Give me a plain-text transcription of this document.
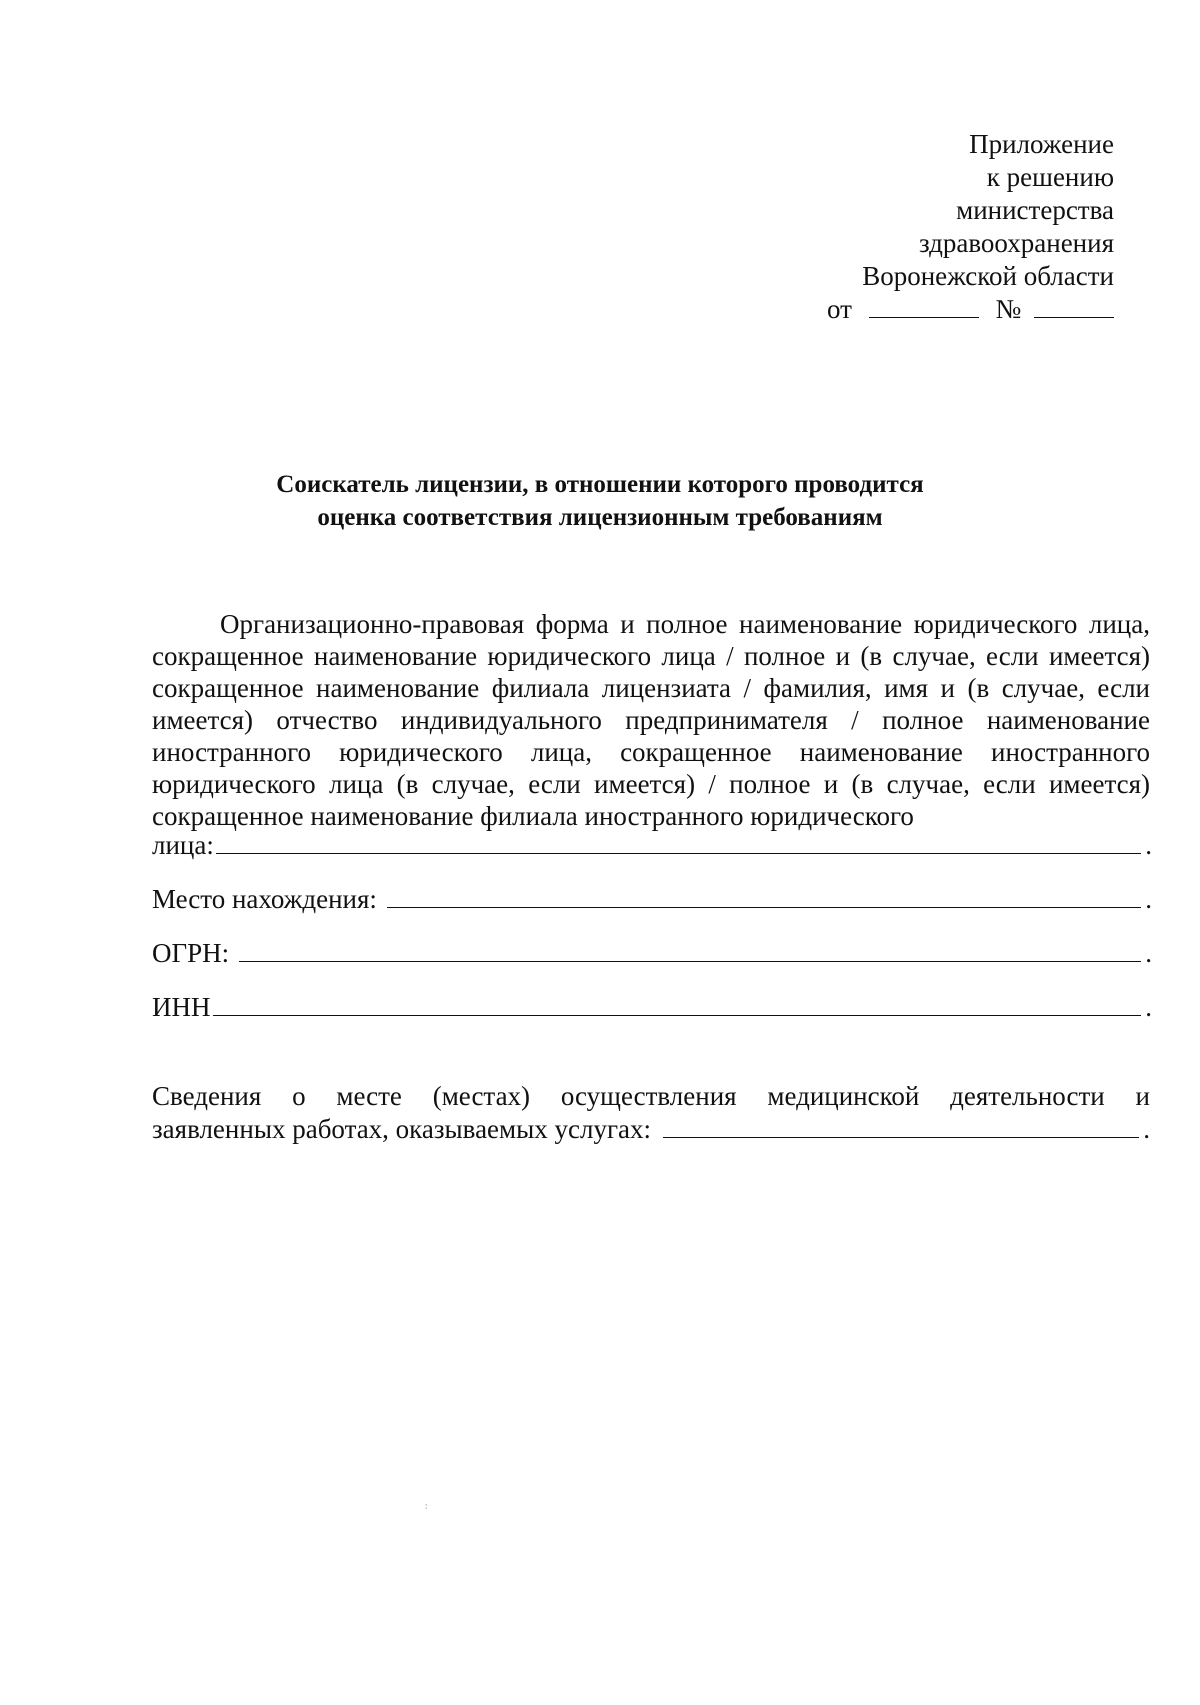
Приложение
к решению
министерства
здравоохранения
Воронежской области
от	№
Соискатель лицензии, в отношении которого проводится
оценка соответствия лицензионным требованиям
Организационно-правовая форма и полное наименование юридического лица, сокращенное наименование юридического лица / полное и (в случае, если имеется) сокращенное наименование филиала лицензиата / фамилия, имя и (в случае, если имеется) отчество индивидуального предпринимателя / полное наименование иностранного юридического лица, сокращенное наименование иностранного юридического лица (в случае, если имеется) / полное и (в случае, если имеется) сокращенное наименование филиала иностранного юридического
лица:	.
Место нахождения:	.
ОГРН:	.
ИНН	.
Сведения о месте (местах) осуществления медицинской деятельности и
заявленных работах, оказываемых услугах:	.
˸
